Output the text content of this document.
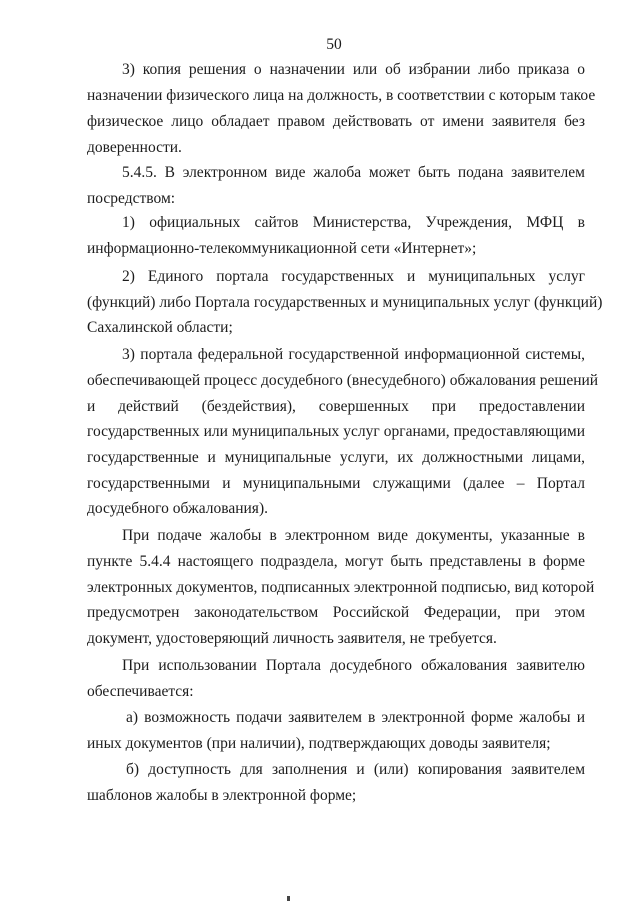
50
3) копия решения о назначении или об избрании либо приказа о
назначении физического лица на должность, в соответствии с которым такое
физическое лицо обладает правом действовать от имени заявителя без
доверенности.
5.4.5. В электронном виде жалоба может быть подана заявителем
посредством:
1) официальных сайтов Министерства, Учреждения, МФЦ в
информационно-телекоммуникационной сети «Интернет»;
2) Единого портала государственных и муниципальных услуг
(функций) либо Портала государственных и муниципальных услуг (функций)
Сахалинской области;
3) портала федеральной государственной информационной системы,
обеспечивающей процесс досудебного (внесудебного) обжалования решений
и действий (бездействия), совершенных при предоставлении
государственных или муниципальных услуг органами, предоставляющими
государственные и муниципальные услуги, их должностными лицами,
государственными и муниципальными служащими (далее – Портал
досудебного обжалования).
При подаче жалобы в электронном виде документы, указанные в
пункте 5.4.4 настоящего подраздела, могут быть представлены в форме
электронных документов, подписанных электронной подписью, вид которой
предусмотрен законодательством Российской Федерации, при этом
документ, удостоверяющий личность заявителя, не требуется.
При использовании Портала досудебного обжалования заявителю
обеспечивается:
а) возможность подачи заявителем в электронной форме жалобы и
иных документов (при наличии), подтверждающих доводы заявителя;
б) доступность для заполнения и (или) копирования заявителем
шаблонов жалобы в электронной форме;
